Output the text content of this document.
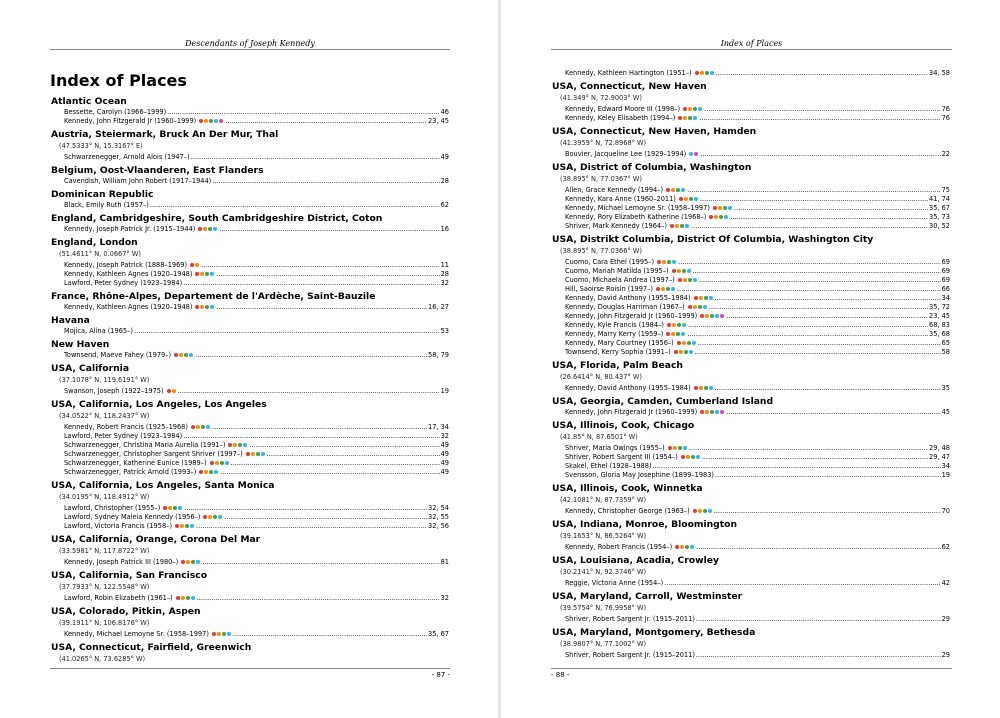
Descendants of Joseph Kennedy
Index of Places
Atlantic Ocean
Bessette, Carolyn (1966–1999) .....	46
Kennedy, John Fitzgerald Jr (1960–1999) .....	23, 45
Austria, Steiermark, Bruck An Der Mur, Thal
(47.5333° N, 15.3167° E)
Schwarzenegger, Arnold Alois (1947–) .....	49
Belgium, Oost-Vlaanderen, East Flanders
Cavendish, William John Robert (1917–1944) .....	28
Dominican Republic
Black, Emily Ruth (1957–) .....	62
England, Cambridgeshire, South Cambridgeshire District, Coton
Kennedy, Joseph Patrick Jr. (1915–1944) .....	16
England, London
(51.4611° N, 0.0667° W)
Kennedy, Joseph Patrick (1888–1969) .....	11
Kennedy, Kathleen Agnes (1920–1948) .....	28
Lawford, Peter Sydney (1923–1984) .....	32
France, Rhône-Alpes, Departement de l'Ardèche, Saint-Bauzile
Kennedy, Kathleen Agnes (1920–1948) .....	16, 27
Havana
Mojica, Alina (1965–) .....	53
New Haven
Townsend, Maeve Fahey (1979–) .....	58, 79
USA, California
(37.1078° N, 119.6191° W)
Swanson, Joseph (1922–1975) .....	19
USA, California, Los Angeles, Los Angeles
(34.0522° N, 118.2437° W)
Kennedy, Robert Francis (1925–1968) .....	17, 34
Lawford, Peter Sydney (1923–1984) .....	32
Schwarzenegger, Christina Maria Aurelia (1991–) .....	49
Schwarzenegger, Christopher Sargent Shriver (1997–) .....	49
Schwarzenegger, Katherine Eunice (1989–) .....	49
Schwarzenegger, Patrick Arnold (1993–) .....	49
USA, California, Los Angeles, Santa Monica
(34.0195° N, 118.4912° W)
Lawford, Christopher (1955–) .....	32, 54
Lawford, Sydney Maleia Kennedy (1956–) .....	32, 55
Lawford, Victoria Francis (1958–) .....	32, 56
USA, California, Orange, Corona Del Mar
(33.5981° N, 117.8722° W)
Kennedy, Joseph Patrick III (1980–) .....	81
USA, California, San Francisco
(37.7933° N, 122.5548° W)
Lawford, Robin Elizabeth (1961–) .....	32
USA, Colorado, Pitkin, Aspen
(39.1911° N, 106.8176° W)
Kennedy, Michael Lemoyne Sr. (1958–1997) .....	35, 67
USA, Connecticut, Fairfield, Greenwich
(41.0265° N, 73.6285° W)
- 87 -
Index of Places
Kennedy, Kathleen Hartington (1951–) .....	34, 58
USA, Connecticut, New Haven
(41.349° N, 72.9003° W)
Kennedy, Edward Moore III (1998–) .....	76
Kennedy, Keley Elisabeth (1994–) .....	76
USA, Connecticut, New Haven, Hamden
(41.3959° N, 72.8968° W)
Bouvier, Jacqueline Lee (1929–1994) .....	22
USA, District of Columbia, Washington
(38.895° N, 77.0367° W)
Allen, Grace Kennedy (1994–) .....	75
Kennedy, Kara Anne (1960–2011) .....	41, 74
Kennedy, Michael Lemoyne Sr. (1958–1997) .....	35, 67
Kennedy, Rory Elizabeth Katherine (1968–) .....	35, 73
Shriver, Mark Kennedy (1964–) .....	30, 52
USA, Distrikt Columbia, District Of Columbia, Washington City
(38.895° N, 77.0366° W)
Cuomo, Cara Ethel (1995–) .....	69
Cuomo, Mariah Matilda (1995–) .....	69
Cuomo, Michaela Andrea (1997–) .....	69
Hill, Saoirse Roisin (1997–) .....	66
Kennedy, David Anthony (1955–1984) .....	34
Kennedy, Douglas Harriman (1967–) .....	35, 72
Kennedy, John Fitzgerald Jr (1960–1999) .....	23, 45
Kennedy, Kyle Francis (1984–) .....	68, 83
Kennedy, Marry Kerry (1959–) .....	35, 68
Kennedy, Mary Courtney (1956–) .....	65
Townsend, Kerry Sophia (1991–) .....	58
USA, Florida, Palm Beach
(26.6414° N, 80.437° W)
Kennedy, David Anthony (1955–1984) .....	35
USA, Georgia, Camden, Cumberland Island
Kennedy, John Fitzgerald Jr (1960–1999) .....	45
USA, Illinois, Cook, Chicago
(41.85° N, 87.6501° W)
Shriver, Maria Owings (1955–) .....	29, 48
Shriver, Robert Sargent III (1954–) .....	29, 47
Skakel, Ethel (1928–1988) .....	34
Svensson, Gloria May Josephine (1899–1983) .....	19
USA, Illinois, Cook, Winnetka
(42.1081° N, 87.7359° W)
Kennedy, Christopher George (1963–) .....	70
USA, Indiana, Monroe, Bloomington
(39.1653° N, 86.5264° W)
Kennedy, Robert Francis (1954–) .....	62
USA, Louisiana, Acadia, Crowley
(30.2141° N, 92.3746° W)
Reggie, Victoria Anne (1954–) .....	42
USA, Maryland, Carroll, Westminster
(39.5754° N, 76.9958° W)
Shriver, Robert Sargent Jr. (1915–2011) .....	29
USA, Maryland, Montgomery, Bethesda
(38.9807° N, 77.1002° W)
Shriver, Robert Sargent Jr. (1915–2011) .....	29
- 88 -
